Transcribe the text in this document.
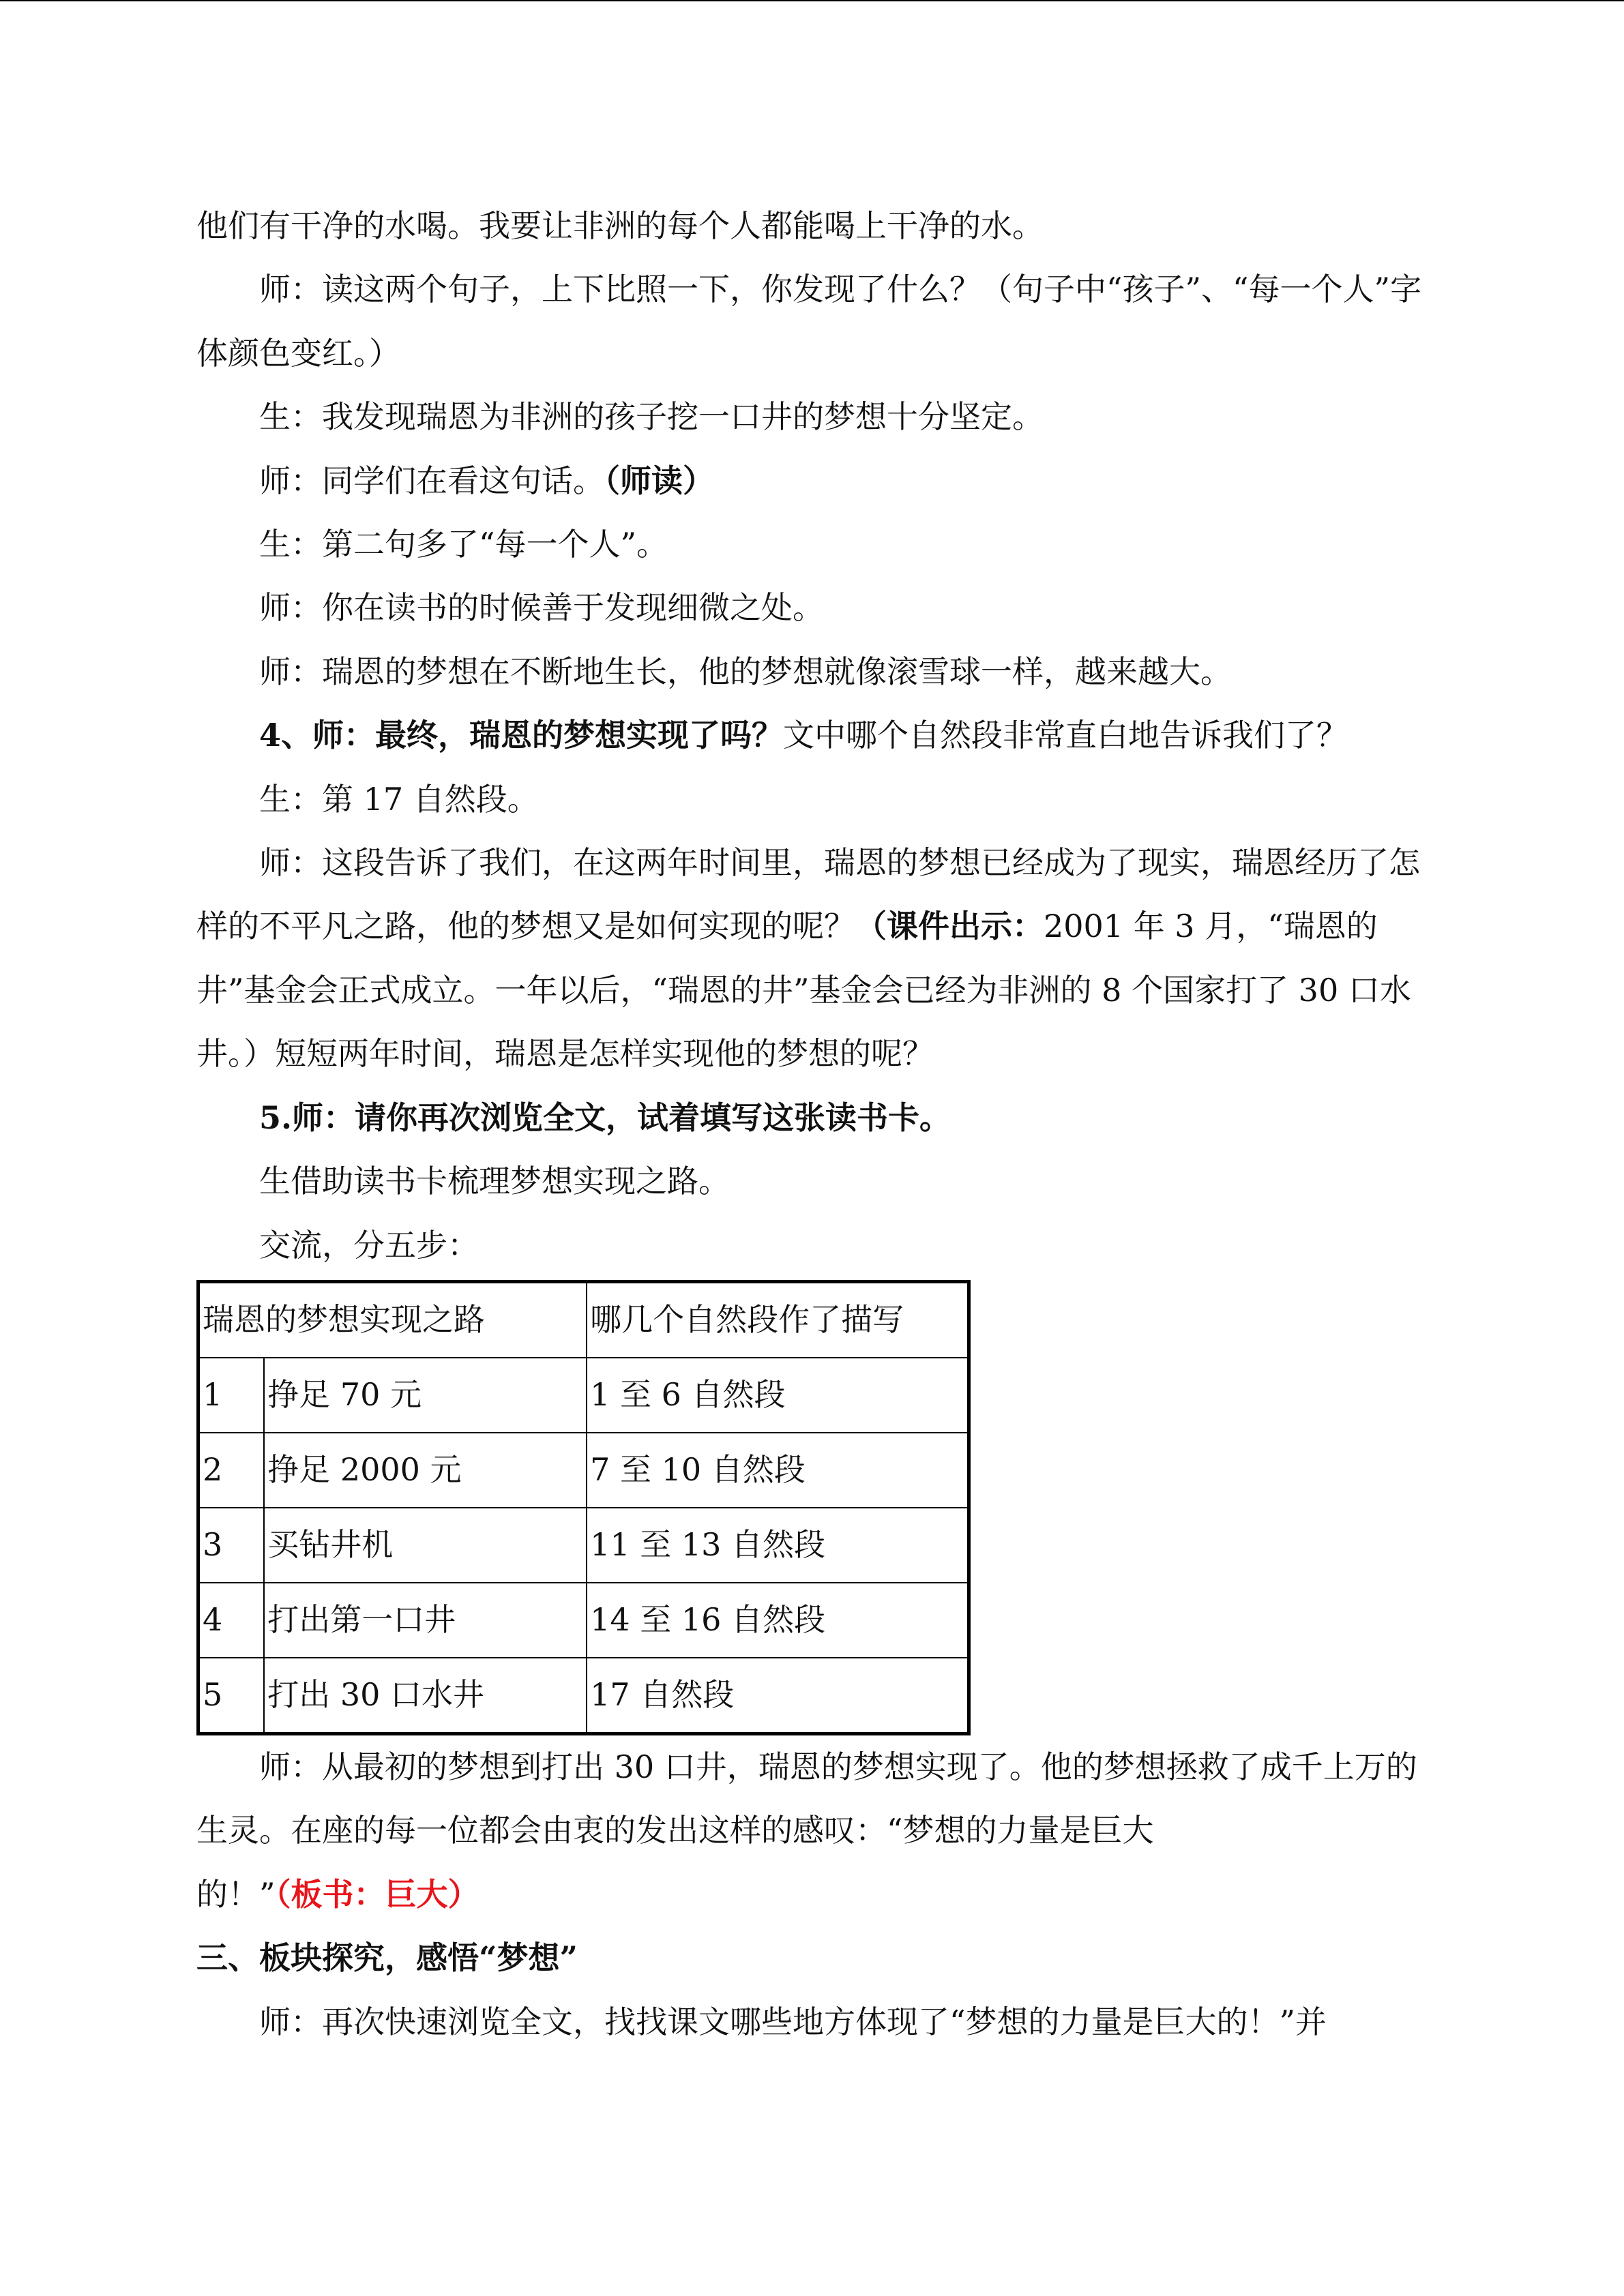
他们有干净的水喝。我要让非洲的每个人都能喝上干净的水。

师：读这两个句子，上下比照一下，你发现了什么？（句子中“孩子”、“每一个人”字体颜色变红。）

生：我发现瑞恩为非洲的孩子挖一口井的梦想十分坚定。

师：同学们在看这句话。（师读）

生：第二句多了“每一个人”。

师：你在读书的时候善于发现细微之处。

师：瑞恩的梦想在不断地生长，他的梦想就像滚雪球一样，越来越大。

4、师：最终，瑞恩的梦想实现了吗？文中哪个自然段非常直白地告诉我们了？

生：第 17 自然段。

师：这段告诉了我们，在这两年时间里，瑞恩的梦想已经成为了现实，瑞恩经历了怎样的不平凡之路，他的梦想又是如何实现的呢？（课件出示：2001 年 3 月，“瑞恩的井”基金会正式成立。一年以后，“瑞恩的井”基金会已经为非洲的 8 个国家打了 30 口水井。）短短两年时间，瑞恩是怎样实现他的梦想的呢？

5.师：请你再次浏览全文，试着填写这张读书卡。

生借助读书卡梳理梦想实现之路。

交流，分五步：

瑞恩的梦想实现之路		哪几个自然段作了描写
1	挣足 70 元	1 至 6 自然段
2	挣足 2000 元	7 至 10 自然段
3	买钻井机	11 至 13 自然段
4	打出第一口井	14 至 16 自然段
5	打出 30 口水井	17 自然段

师：从最初的梦想到打出 30 口井，瑞恩的梦想实现了。他的梦想拯救了成千上万的生灵。在座的每一位都会由衷的发出这样的感叹：“梦想的力量是巨大的！”（板书：巨大）

三、板块探究，感悟“梦想”

师：再次快速浏览全文，找找课文哪些地方体现了“梦想的力量是巨大的！”并
